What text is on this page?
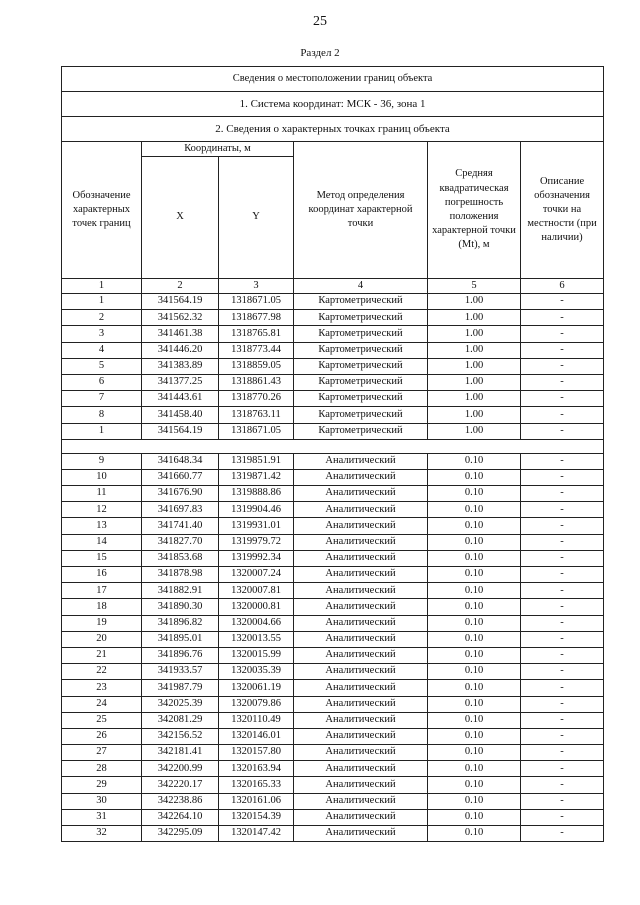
25
Раздел 2
Сведения о местоположении границ объекта					
1. Система координат: МСК - 36, зона 1					
2. Сведения о характерных точках границ объекта					
Обозначение характерных точек границ	Координаты, м		Метод определения координат характерной точки	Средняя квадратическая погрешность положения характерной точки (Mt), м	Описание обозначения точки на местности (при наличии)
	X	Y			
1	2	3	4	5	6
1	341564.19	1318671.05	Картометрический	1.00	-
2	341562.32	1318677.98	Картометрический	1.00	-
3	341461.38	1318765.81	Картометрический	1.00	-
4	341446.20	1318773.44	Картометрический	1.00	-
5	341383.89	1318859.05	Картометрический	1.00	-
6	341377.25	1318861.43	Картометрический	1.00	-
7	341443.61	1318770.26	Картометрический	1.00	-
8	341458.40	1318763.11	Картометрический	1.00	-
1	341564.19	1318671.05	Картометрический	1.00	-

9	341648.34	1319851.91	Аналитический	0.10	-
10	341660.77	1319871.42	Аналитический	0.10	-
11	341676.90	1319888.86	Аналитический	0.10	-
12	341697.83	1319904.46	Аналитический	0.10	-
13	341741.40	1319931.01	Аналитический	0.10	-
14	341827.70	1319979.72	Аналитический	0.10	-
15	341853.68	1319992.34	Аналитический	0.10	-
16	341878.98	1320007.24	Аналитический	0.10	-
17	341882.91	1320007.81	Аналитический	0.10	-
18	341890.30	1320000.81	Аналитический	0.10	-
19	341896.82	1320004.66	Аналитический	0.10	-
20	341895.01	1320013.55	Аналитический	0.10	-
21	341896.76	1320015.99	Аналитический	0.10	-
22	341933.57	1320035.39	Аналитический	0.10	-
23	341987.79	1320061.19	Аналитический	0.10	-
24	342025.39	1320079.86	Аналитический	0.10	-
25	342081.29	1320110.49	Аналитический	0.10	-
26	342156.52	1320146.01	Аналитический	0.10	-
27	342181.41	1320157.80	Аналитический	0.10	-
28	342200.99	1320163.94	Аналитический	0.10	-
29	342220.17	1320165.33	Аналитический	0.10	-
30	342238.86	1320161.06	Аналитический	0.10	-
31	342264.10	1320154.39	Аналитический	0.10	-
32	342295.09	1320147.42	Аналитический	0.10	-
